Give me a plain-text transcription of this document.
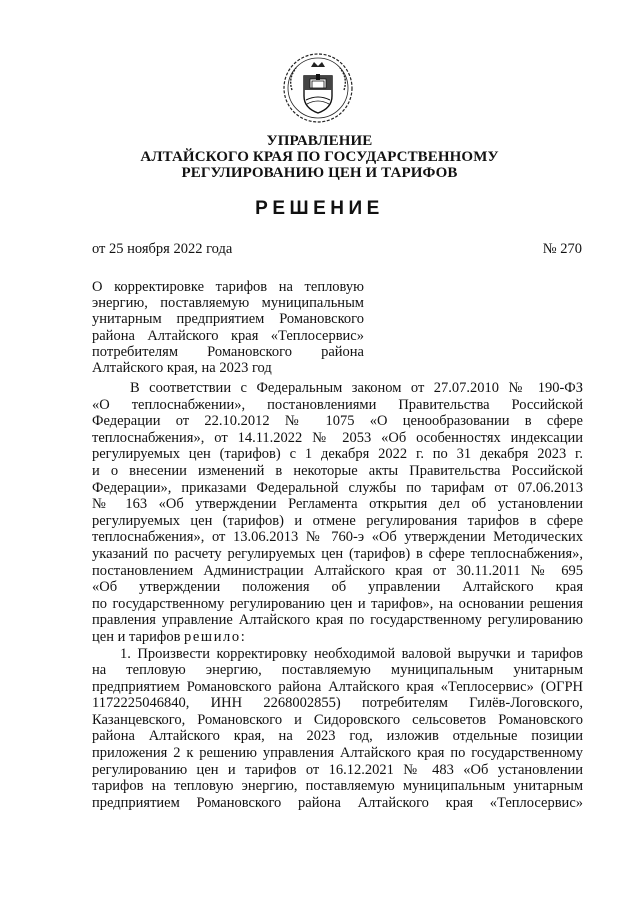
УПРАВЛЕНИЕ
АЛТАЙСКОГО КРАЯ ПО ГОСУДАРСТВЕННОМУ
РЕГУЛИРОВАНИЮ ЦЕН И ТАРИФОВ
РЕШЕНИЕ
от 25 ноября 2022 года	№ 270
О корректировке тарифов на тепловую
энергию, поставляемую муниципальным
унитарным предприятием Романовского
района Алтайского края «Теплосервис»
потребителям Романовского района
Алтайского края, на 2023 год
В соответствии с Федеральным законом от 27.07.2010 № 190-ФЗ
«О теплоснабжении», постановлениями Правительства Российской
Федерации от 22.10.2012 № 1075 «О ценообразовании в сфере
теплоснабжения», от 14.11.2022 № 2053 «Об особенностях индексации
регулируемых цен (тарифов) с 1 декабря 2022 г. по 31 декабря 2023 г.
и о внесении изменений в некоторые акты Правительства Российской
Федерации», приказами Федеральной службы по тарифам от 07.06.2013
№ 163 «Об утверждении Регламента открытия дел об установлении
регулируемых цен (тарифов) и отмене регулирования тарифов в сфере
теплоснабжения», от 13.06.2013 № 760-э «Об утверждении Методических
указаний по расчету регулируемых цен (тарифов) в сфере теплоснабжения»,
постановлением Администрации Алтайского края от 30.11.2011 № 695
«Об утверждении положения об управлении Алтайского края
по государственному регулированию цен и тарифов», на основании решения
правления управление Алтайского края по государственному регулированию
цен и тарифов решило:
1. Произвести корректировку необходимой валовой выручки и тарифов
на тепловую энергию, поставляемую муниципальным унитарным
предприятием Романовского района Алтайского края «Теплосервис» (ОГРН
1172225046840, ИНН 2268002855) потребителям Гилёв-Логовского,
Казанцевского, Романовского и Сидоровского сельсоветов Романовского
района Алтайского края, на 2023 год, изложив отдельные позиции
приложения 2 к решению управления Алтайского края по государственному
регулированию цен и тарифов от 16.12.2021 № 483 «Об установлении
тарифов на тепловую энергию, поставляемую муниципальным унитарным
предприятием Романовского района Алтайского края «Теплосервис»
